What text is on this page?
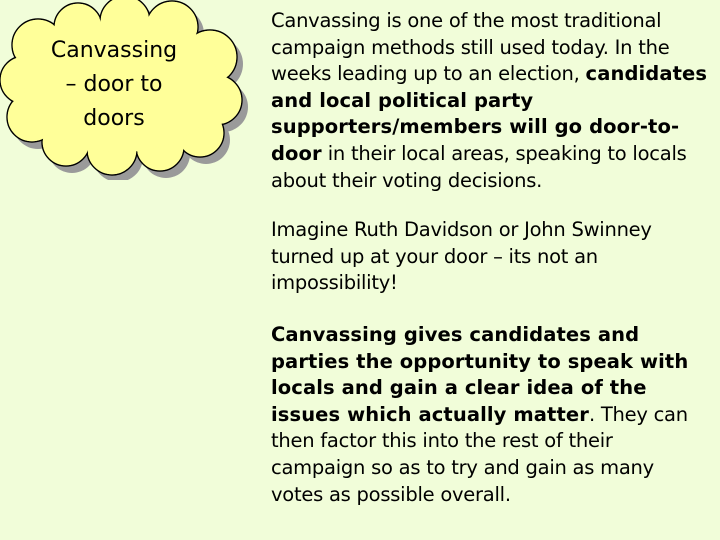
Canvassing
– door to
doors

Canvassing is one of the most traditional campaign methods still used today. In the weeks leading up to an election, candidates and local political party supporters/members will go door-to-door in their local areas, speaking to locals about their voting decisions.

Imagine Ruth Davidson or John Swinney turned up at your door – its not an impossibility!

Canvassing gives candidates and parties the opportunity to speak with locals and gain a clear idea of the issues which actually matter. They can then factor this into the rest of their campaign so as to try and gain as many votes as possible overall.
